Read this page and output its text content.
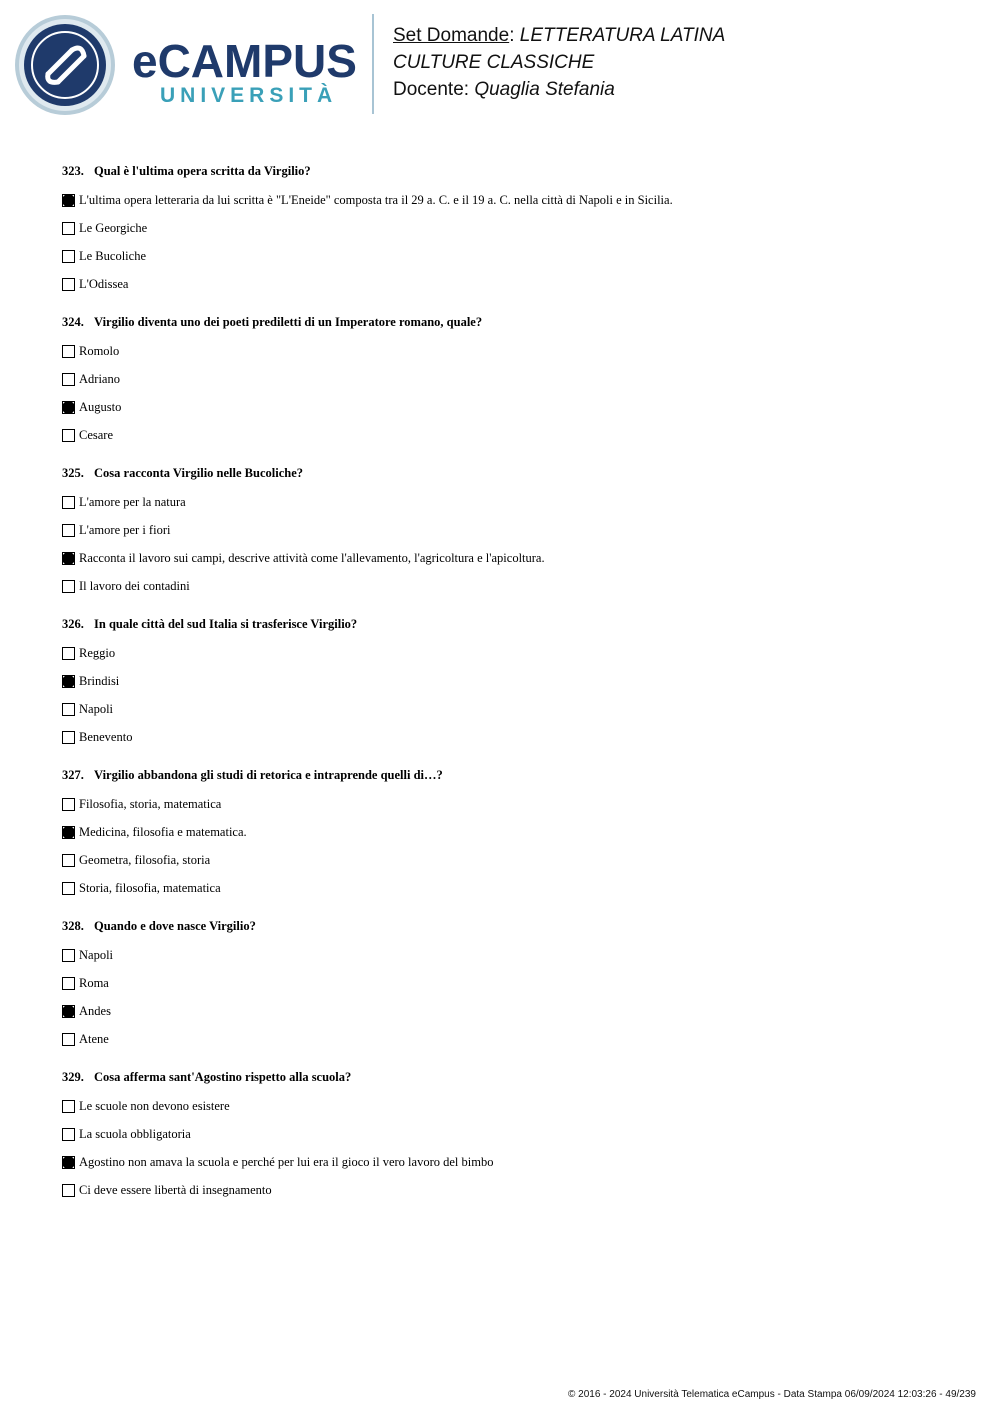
eCAMPUS
UNIVERSITÀ
Set Domande: LETTERATURA LATINA
CULTURE CLASSICHE
Docente: Quaglia Stefania
323. Qual è l'ultima opera scritta da Virgilio?
L'ultima opera letteraria da lui scritta è "L'Eneide" composta tra il 29 a. C. e il 19 a. C. nella città di Napoli e in Sicilia.
Le Georgiche
Le Bucoliche
L'Odissea
324. Virgilio diventa uno dei poeti prediletti di un Imperatore romano, quale?
Romolo
Adriano
Augusto
Cesare
325. Cosa racconta Virgilio nelle Bucoliche?
L'amore per la natura
L'amore per i fiori
Racconta il lavoro sui campi, descrive attività come l'allevamento, l'agricoltura e l'apicoltura.
Il lavoro dei contadini
326. In quale città del sud Italia si trasferisce Virgilio?
Reggio
Brindisi
Napoli
Benevento
327. Virgilio abbandona gli studi di retorica e intraprende quelli di…?
Filosofia, storia, matematica
Medicina, filosofia e matematica.
Geometra, filosofia, storia
Storia, filosofia, matematica
328. Quando e dove nasce Virgilio?
Napoli
Roma
Andes
Atene
329. Cosa afferma sant'Agostino rispetto alla scuola?
Le scuole non devono esistere
La scuola obbligatoria
Agostino non amava la scuola e perché per lui era il gioco il vero lavoro del bimbo
Ci deve essere libertà di insegnamento
© 2016 - 2024 Università Telematica eCampus - Data Stampa 06/09/2024 12:03:26 - 49/239
